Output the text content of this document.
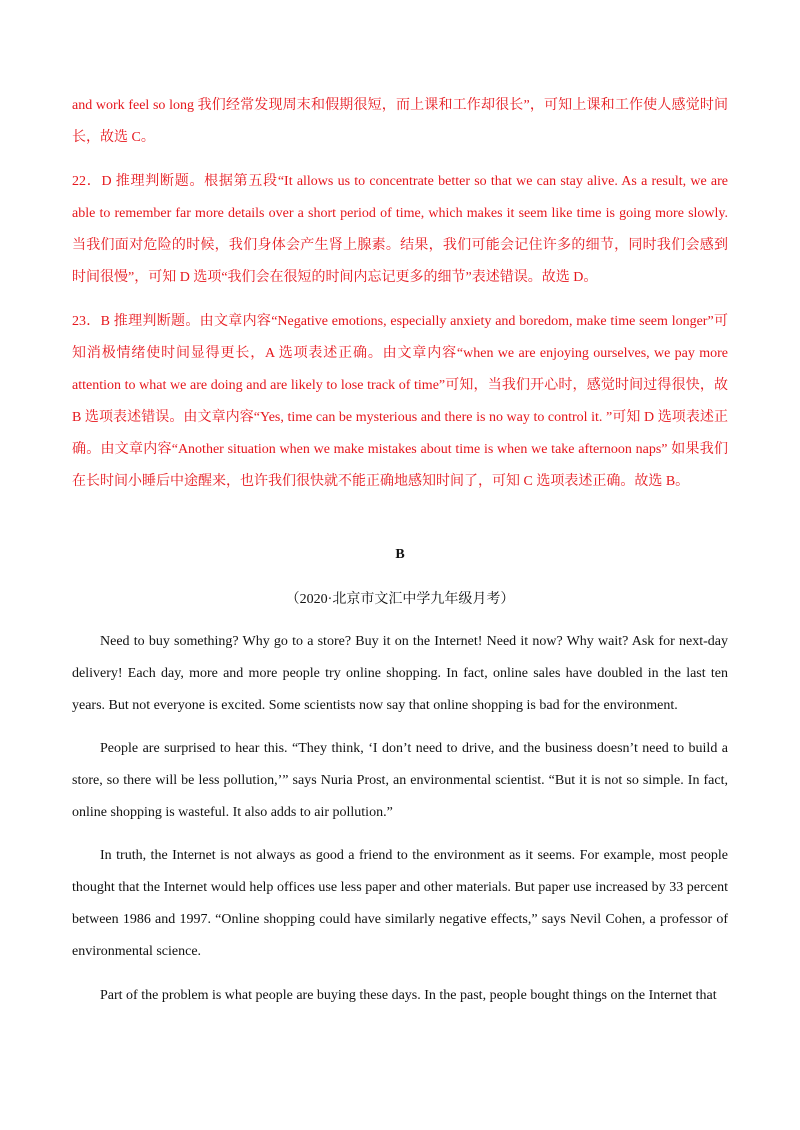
and work feel so long 我们经常发现周末和假期很短，而上课和工作却很长”，可知上课和工作使人感觉时间长，故选 C。

22．D 推理判断题。根据第五段“It allows us to concentrate better so that we can stay alive. As a result, we are able to remember far more details over a short period of time, which makes it seem like time is going more slowly. 当我们面对危险的时候，我们身体会产生肾上腺素。结果，我们可能会记住许多的细节，同时我们会感到时间很慢”，可知 D 选项“我们会在很短的时间内忘记更多的细节”表述错误。故选 D。

23．B 推理判断题。由文章内容“Negative emotions, especially anxiety and boredom, make time seem longer”可知消极情绪使时间显得更长，A 选项表述正确。由文章内容“when we are enjoying ourselves, we pay more attention to what we are doing and are likely to lose track of time”可知，当我们开心时，感觉时间过得很快，故 B 选项表述错误。由文章内容“Yes, time can be mysterious and there is no way to control it. ”可知 D 选项表述正确。由文章内容“Another situation when we make mistakes about time is when we take afternoon naps” 如果我们在长时间小睡后中途醒来，也许我们很快就不能正确地感知时间了，可知 C 选项表述正确。故选 B。

B

（2020·北京市文汇中学九年级月考）

Need to buy something? Why go to a store? Buy it on the Internet! Need it now? Why wait? Ask for next-day delivery! Each day, more and more people try online shopping. In fact, online sales have doubled in the last ten years. But not everyone is excited. Some scientists now say that online shopping is bad for the environment.

People are surprised to hear this. “They think, ‘I don’t need to drive, and the business doesn’t need to build a store, so there will be less pollution,’” says Nuria Prost, an environmental scientist. “But it is not so simple. In fact, online shopping is wasteful. It also adds to air pollution.”

In truth, the Internet is not always as good a friend to the environment as it seems. For example, most people thought that the Internet would help offices use less paper and other materials. But paper use increased by 33 percent between 1986 and 1997. “Online shopping could have similarly negative effects,” says Nevil Cohen, a professor of environmental science.

Part of the problem is what people are buying these days. In the past, people bought things on the Internet that
